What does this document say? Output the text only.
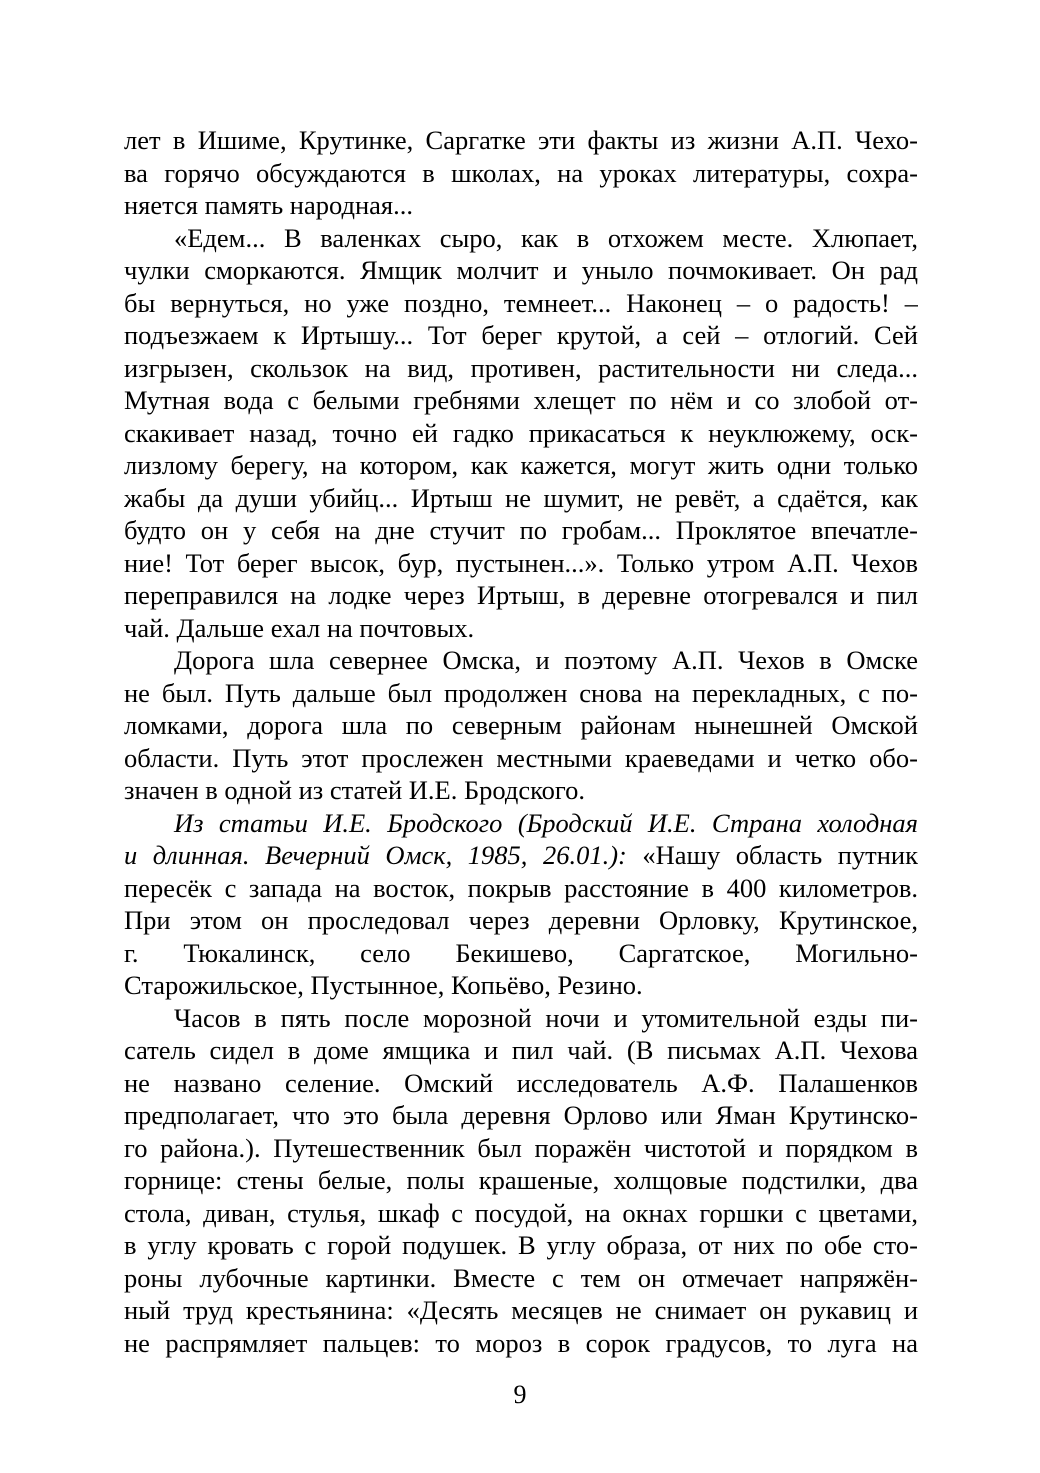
лет в Ишиме, Крутинке, Саргатке эти факты из жизни А.П. Чехо-
ва горячо обсуждаются в школах, на уроках литературы, сохра-
няется память народная...

«Едем... В валенках сыро, как в отхожем месте. Хлюпает,
чулки сморкаются. Ямщик молчит и уныло почмокивает. Он рад
бы вернуться, но уже поздно, темнеет... Наконец – о радость! –
подъезжаем к Иртышу... Тот берег крутой, а сей – отлогий. Сей
изгрызен, скользок на вид, противен, растительности ни следа...
Мутная вода с белыми гребнями хлещет по нём и со злобой от-
скакивает назад, точно ей гадко прикасаться к неуклюжему, оск-
лизлому берегу, на котором, как кажется, могут жить одни только
жабы да души убийц... Иртыш не шумит, не ревёт, а сдаётся, как
будто он у себя на дне стучит по гробам... Проклятое впечатле-
ние! Тот берег высок, бур, пустынен...». Только утром А.П. Чехов
переправился на лодке через Иртыш, в деревне отогревался и пил
чай. Дальше ехал на почтовых.

Дорога шла севернее Омска, и поэтому А.П. Чехов в Омске
не был. Путь дальше был продолжен снова на перекладных, с по-
ломками, дорога шла по северным районам нынешней Омской
области. Путь этот прослежен местными краеведами и четко обо-
значен в одной из статей И.Е. Бродского.

Из статьи И.Е. Бродского (Бродский И.Е. Страна холодная
и длинная. Вечерний Омск, 1985, 26.01.): «Нашу область путник
пересёк с запада на восток, покрыв расстояние в 400 километров.
При этом он проследовал через деревни Орловку, Крутинское,
г. Тюкалинск, село Бекишево, Саргатское, Могильно-
Старожильское, Пустынное, Копьёво, Резино.

Часов в пять после морозной ночи и утомительной езды пи-
сатель сидел в доме ямщика и пил чай. (В письмах А.П. Чехова
не названо селение. Омский исследователь А.Ф. Палашенков
предполагает, что это была деревня Орлово или Яман Крутинско-
го района.). Путешественник был поражён чистотой и порядком в
горнице: стены белые, полы крашеные, холщовые подстилки, два
стола, диван, стулья, шкаф с посудой, на окнах горшки с цветами,
в углу кровать с горой подушек. В углу образа, от них по обе сто-
роны лубочные картинки. Вместе с тем он отмечает напряжён-
ный труд крестьянина: «Десять месяцев не снимает он рукавиц и
не распрямляет пальцев: то мороз в сорок градусов, то луга на

9
